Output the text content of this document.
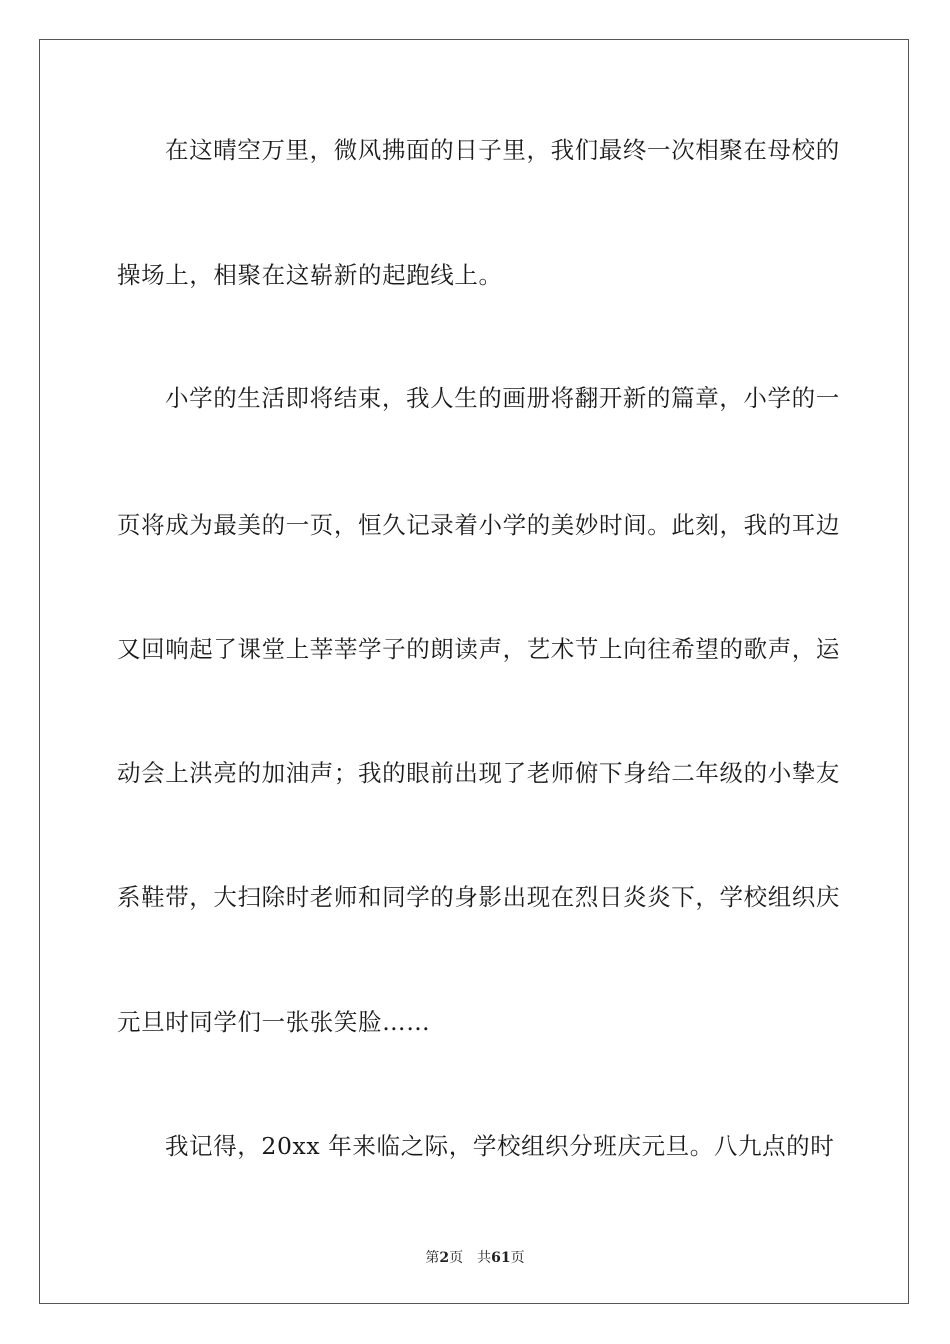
在这晴空万里，微风拂面的日子里，我们最终一次相聚在母校的
操场上，相聚在这崭新的起跑线上。
小学的生活即将结束，我人生的画册将翻开新的篇章，小学的一
页将成为最美的一页，恒久记录着小学的美妙时间。此刻，我的耳边
又回响起了课堂上莘莘学子的朗读声，艺术节上向往希望的歌声，运
动会上洪亮的加油声；我的眼前出现了老师俯下身给二年级的小挚友
系鞋带，大扫除时老师和同学的身影出现在烈日炎炎下，学校组织庆
元旦时同学们一张张笑脸……
我记得，20xx 年来临之际，学校组织分班庆元旦。八九点的时
第2页 共61页
